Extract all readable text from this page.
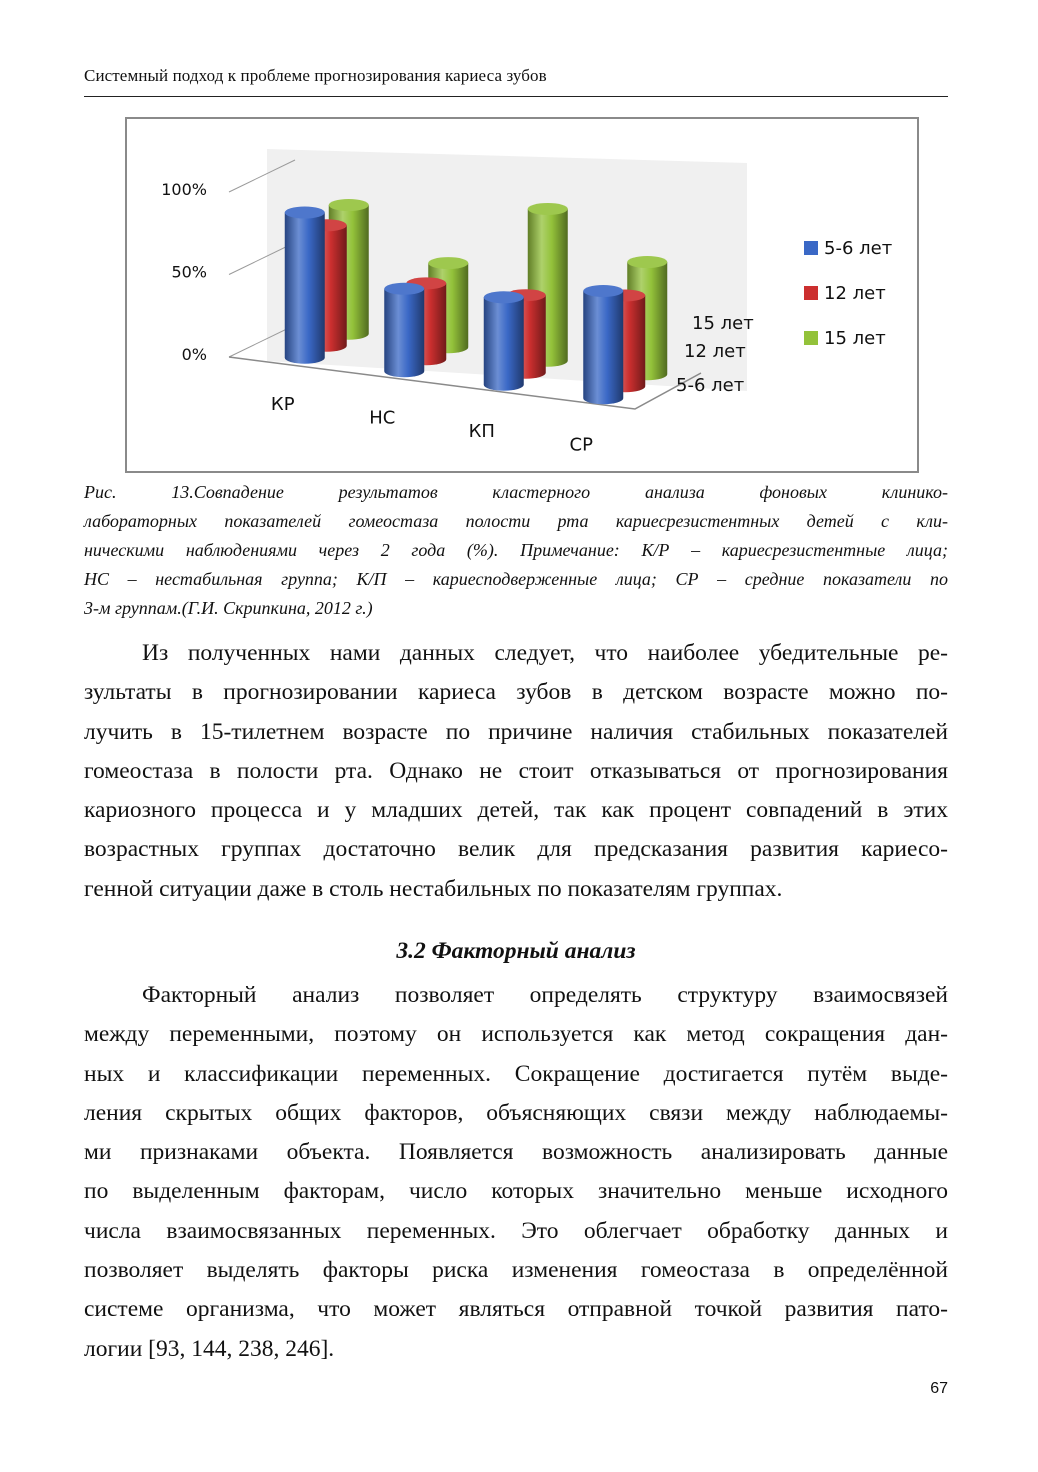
Системный подход к проблеме прогнозирования кариеса зубов
100%
50%
0%
КР
НС
КП
СР
15 лет
12 лет
5-6 лет
5-6 лет
12 лет
15 лет
Рис. 13.Совпадение результатов кластерного анализа фоновых клинико-
лабораторных показателей гомеостаза полости рта кариесрезистентных детей с кли-
ническими наблюдениями через 2 года (%). Примечание: К/Р – кариесрезистентные лица;
НС – нестабильная группа; К/П – кариесподверженные лица; СР – средние показатели по
3-м группам.(Г.И. Скрипкина, 2012 г.)
Из полученных нами данных следует, что наиболее убедительные ре-
зультаты в прогнозировании кариеса зубов в детском возрасте можно по-
лучить в 15-тилетнем возрасте по причине наличия стабильных показателей
гомеостаза в полости рта. Однако не стоит отказываться от прогнозирования
кариозного процесса и у младших детей, так как процент совпадений в этих
возрастных группах достаточно велик для предсказания развития кариесо-
генной ситуации даже в столь нестабильных по показателям группах.
3.2 Факторный анализ
Факторный анализ позволяет определять структуру взаимосвязей
между переменными, поэтому он используется как метод сокращения дан-
ных и классификации переменных. Сокращение достигается путём выде-
ления скрытых общих факторов, объясняющих связи между наблюдаемы-
ми признаками объекта. Появляется возможность анализировать данные
по выделенным факторам, число которых значительно меньше исходного
числа взаимосвязанных переменных. Это облегчает обработку данных и
позволяет выделять факторы риска изменения гомеостаза в определённой
системе организма, что может являться отправной точкой развития пато-
логии [93, 144, 238, 246].
67
